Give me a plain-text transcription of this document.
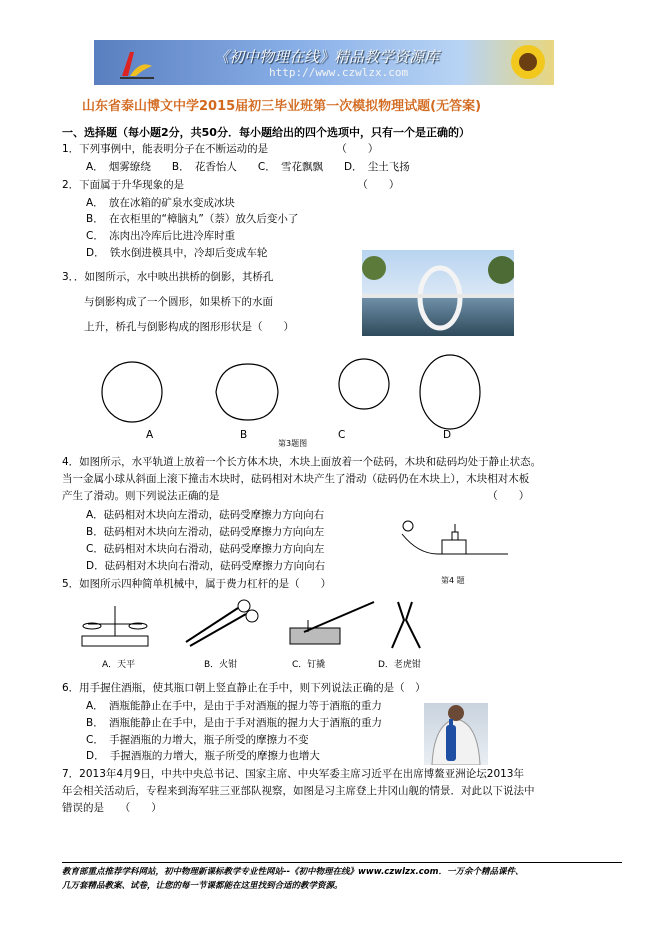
《初中物理在线》精品教学资源库
http://www.czwlzx.com
山东省泰山博文中学2015届初三毕业班第一次模拟物理试题(无答案)
一、选择题（每小题2分，共50分．每小题给出的四个选项中，只有一个是正确的）
1．下列事例中，能表明分子在不断运动的是　　　　　　　（　　）
A．　烟雾缭绕　　B．　花香怡人　　C．　雪花飘飘　　D．　尘土飞扬
2．下面属于升华现象的是　　　　　　　　　　　　　　　　　（　　）
A．　放在冰箱的矿泉水变成冰块
B．　在衣柜里的“樟脑丸”（萘）放久后变小了
C．　冻肉出冷库后比进冷库时重
D．　铁水倒进模具中，冷却后变成车轮
3．．如图所示，水中映出拱桥的倒影，其桥孔
与倒影构成了一个圆形，如果桥下的水面
上升，桥孔与倒影构成的图形形状是（　　）
A	B	C	D
第3题图
4．如图所示，水平轨道上放着一个长方体木块，木块上面放着一个砝码，木块和砝码均处于静止状态。
当一金属小球从斜面上滚下撞击木块时，砝码相对木块产生了滑动（砝码仍在木块上），木块相对木板
产生了滑动。则下列说法正确的是　　　　　　　　　　　　　　　　　　　　　　　　　　（　　）
A．砝码相对木块向左滑动，砝码受摩擦力方向向右
B．砝码相对木块向左滑动，砝码受摩擦力方向向左
C．砝码相对木块向右滑动，砝码受摩擦力方向向左
D．砝码相对木块向右滑动，砝码受摩擦力方向向右
第4 题
5．如图所示四种简单机械中，属于费力杠杆的是（　　）
A．天平	B．火钳	C．钉撬	D．老虎钳
6．用手握住酒瓶，使其瓶口朝上竖直静止在手中，则下列说法正确的是（　）
A．　酒瓶能静止在手中，是由于手对酒瓶的握力等于酒瓶的重力
B．　酒瓶能静止在手中，是由于手对酒瓶的握力大于酒瓶的重力
C．　手握酒瓶的力增大，瓶子所受的摩擦力不变
D．　手握酒瓶的力增大，瓶子所受的摩擦力也增大
7．2013年4月9日，中共中央总书记、国家主席、中央军委主席习近平在出席博鳌亚洲论坛2013年
年会相关活动后，专程来到海军驻三亚部队视察，如图是习主席登上井冈山舰的情景．对此以下说法中
错误的是　　（　　）
教育部重点推荐学科网站，初中物理新课标教学专业性网站--《初中物理在线》www.czwlzx.com．一万余个精品课件、
几万套精品教案、试卷，让您的每一节课都能在这里找到合适的教学资源。
